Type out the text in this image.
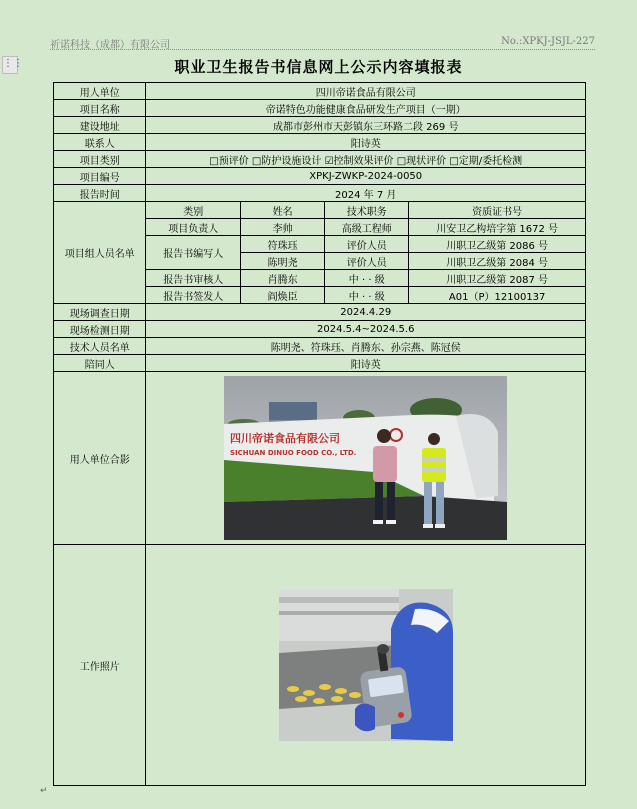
祈诺科技（成都）有限公司	No.:XPKJ-JSJL-227
⋮⋮	职业卫生报告书信息网上公示内容填报表
用人单位	四川帝诺食品有限公司			
项目名称	帝诺特色功能健康食品研发生产项目（一期）			
建设地址	成都市彭州市天彭镇东三环路二段 269 号			
联系人	阳诗英			
项目类别	□预评价 □防护设施设计 ☑控制效果评价 □现状评价 □定期/委托检测			
项目编号	XPKJ-ZWKP-2024-0050			
报告时间	2024 年 7 月			
项目组人员名单	类别	姓名	技术职务	资质证书号
	项目负责人	李帅	高级工程师	川安卫乙构培字第 1672 号
	报告书编写人	符珠珏	评价人员	川职卫乙级第 2086 号
		陈明尧	评价人员	川职卫乙级第 2084 号
	报告书审核人	肖腾东	中 · · 级	川职卫乙级第 2087 号
	报告书签发人	阎焕臣	中 · · 级	A01（P）12100137
现场调查日期	2024.4.29			
现场检测日期	2024.5.4~2024.5.6			
技术人员名单	陈明尧、符珠珏、肖腾东、孙宗燕、陈冠侯			
陪同人	阳诗英			
用人单位合影	四川帝诺食品有限公司
SICHUAN DINUO FOOD CO., LTD.			

工作照片	
↵
